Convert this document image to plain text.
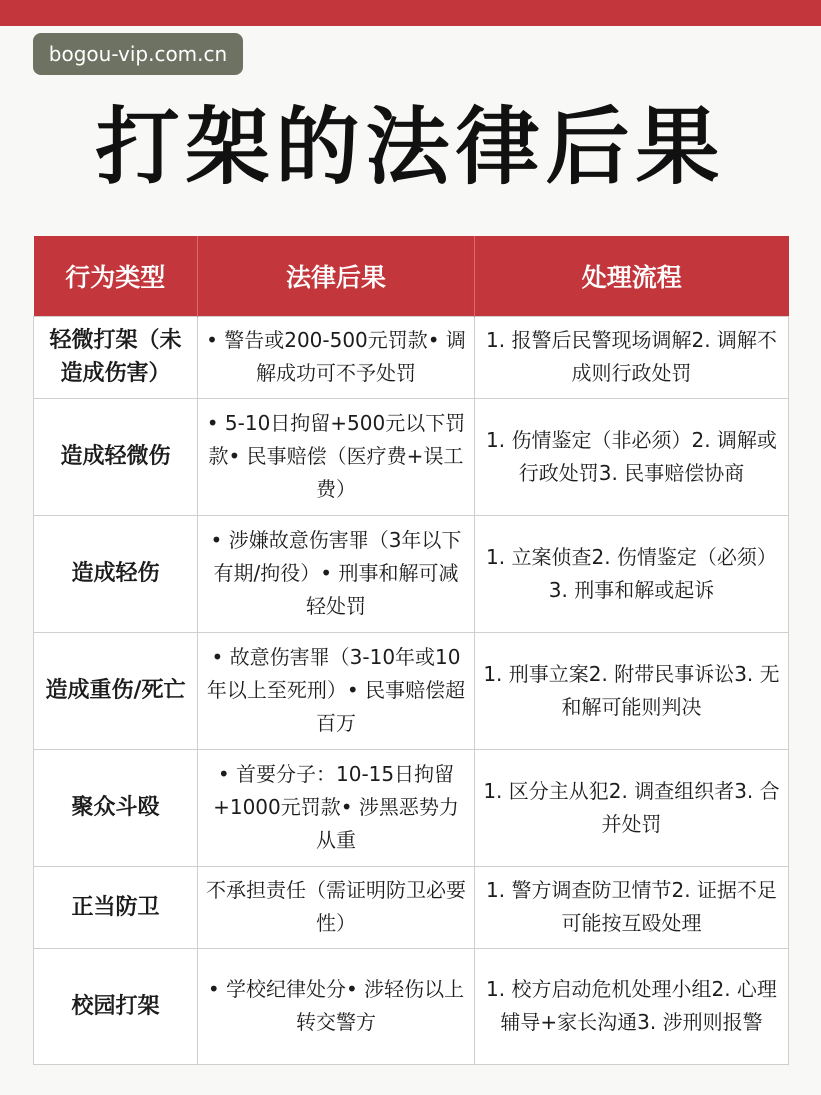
bogou-vip.com.cn
打架的法律后果
行为类型	法律后果	处理流程
轻微打架（未造成伤害）	• 警告或200-500元罚款• 调解成功可不予处罚	1. 报警后民警现场调解2. 调解不成则行政处罚
造成轻微伤	• 5-10日拘留+500元以下罚款• 民事赔偿（医疗费+误工费）	1. 伤情鉴定（非必须）2. 调解或行政处罚3. 民事赔偿协商
造成轻伤	• 涉嫌故意伤害罪（3年以下有期/拘役）• 刑事和解可减轻处罚	1. 立案侦查2. 伤情鉴定（必须）3. 刑事和解或起诉
造成重伤/死亡	• 故意伤害罪（3-10年或10年以上至死刑）• 民事赔偿超百万	1. 刑事立案2. 附带民事诉讼3. 无和解可能则判决
聚众斗殴	• 首要分子：10-15日拘留+1000元罚款• 涉黑恶势力从重	1. 区分主从犯2. 调查组织者3. 合并处罚
正当防卫	不承担责任（需证明防卫必要性）	1. 警方调查防卫情节2. 证据不足可能按互殴处理
校园打架	• 学校纪律处分• 涉轻伤以上转交警方	1. 校方启动危机处理小组2. 心理辅导+家长沟通3. 涉刑则报警
